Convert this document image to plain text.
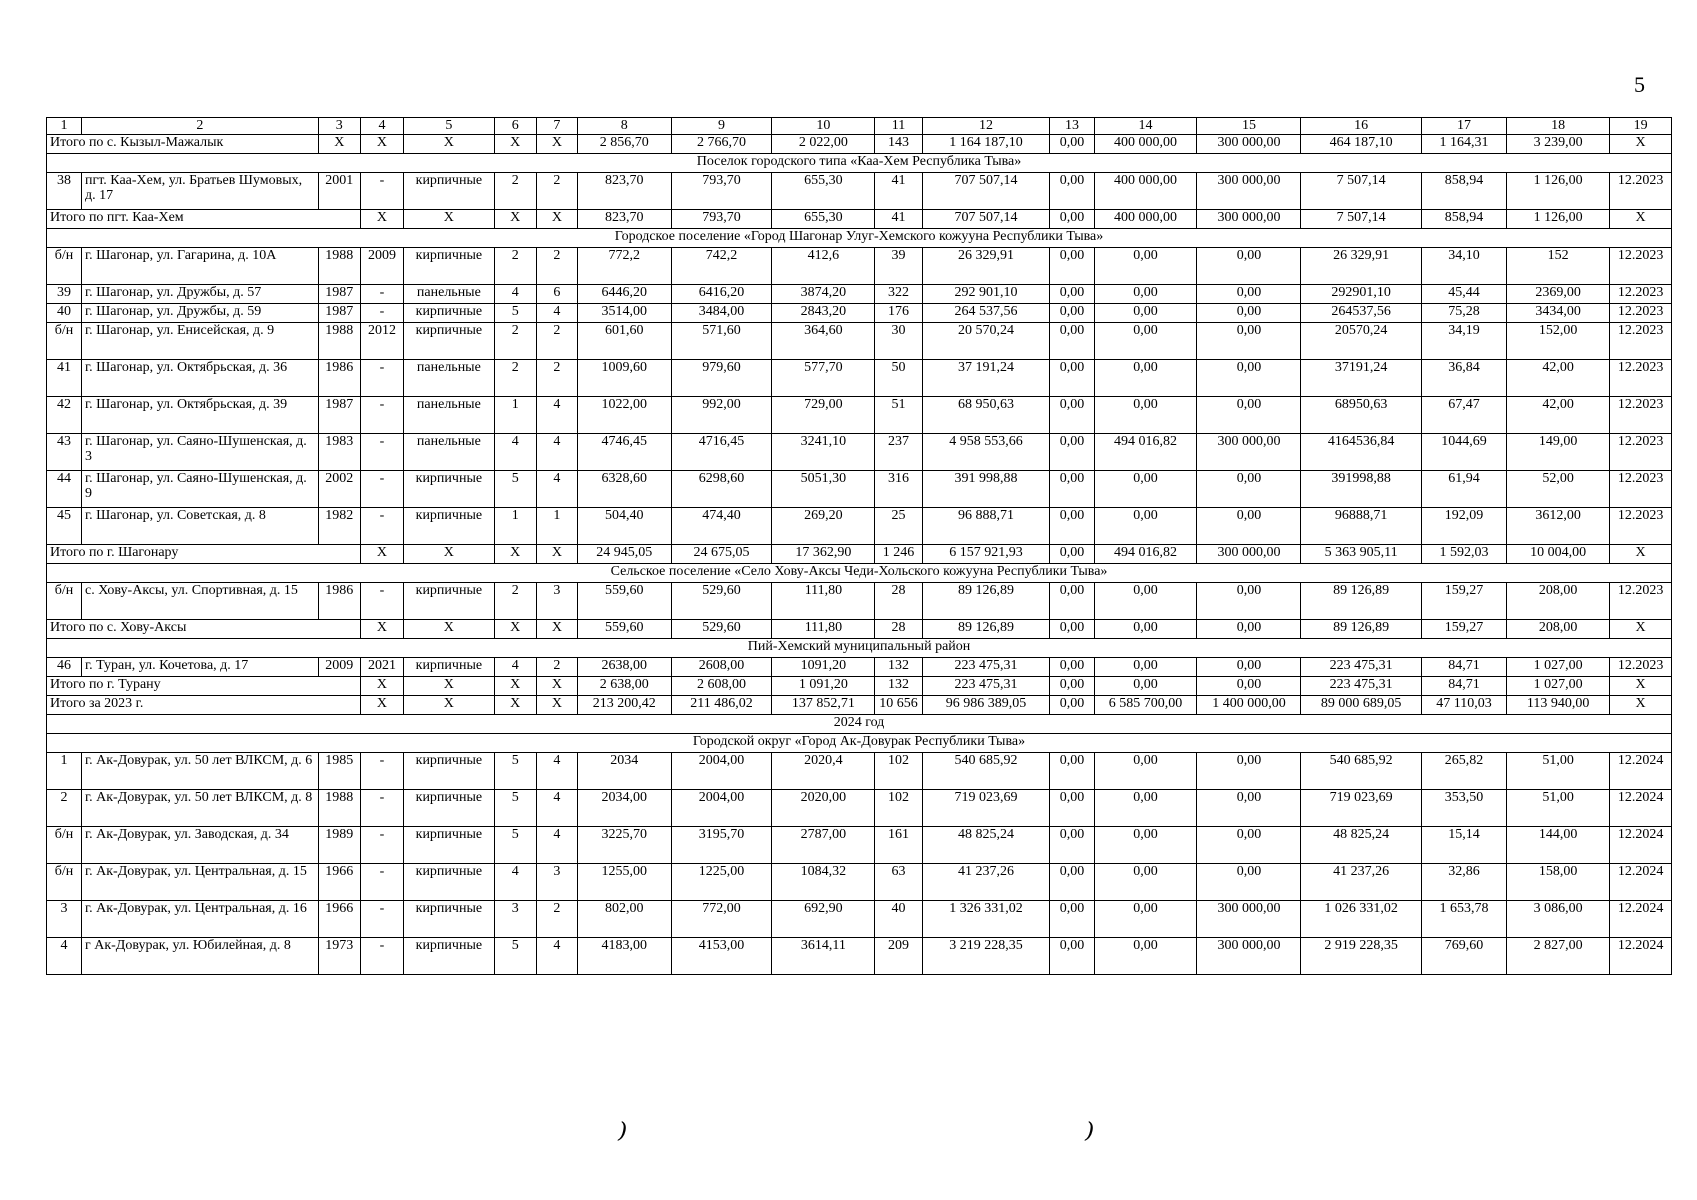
5
1	2	3	4	5	6	7	8	9	10	11	12	13	14	15	16	17	18	19
Итого по с. Кызыл-Мажалык		X	X	X	X	X	2 856,70	2 766,70	2 022,00	143	1 164 187,10	0,00	400 000,00	300 000,00	464 187,10	1 164,31	3 239,00	X
Поселок городского типа «Каа-Хем Республика Тыва»																		
38	пгт. Каа-Хем, ул. Братьев Шумовых, д. 17	2001	-	кирпичные	2	2	823,70	793,70	655,30	41	707 507,14	0,00	400 000,00	300 000,00	7 507,14	858,94	1 126,00	12.2023
Итого по пгт. Каа-Хем			X	X	X	X	823,70	793,70	655,30	41	707 507,14	0,00	400 000,00	300 000,00	7 507,14	858,94	1 126,00	X
Городское поселение «Город Шагонар Улуг-Хемского кожууна Республики Тыва»																		
б/н	г. Шагонар, ул. Гагарина, д. 10А	1988	2009	кирпичные	2	2	772,2	742,2	412,6	39	26 329,91	0,00	0,00	0,00	26 329,91	34,10	152	12.2023
39	г. Шагонар, ул. Дружбы, д. 57	1987	-	панельные	4	6	6446,20	6416,20	3874,20	322	292 901,10	0,00	0,00	0,00	292901,10	45,44	2369,00	12.2023
40	г. Шагонар, ул. Дружбы, д. 59	1987	-	кирпичные	5	4	3514,00	3484,00	2843,20	176	264 537,56	0,00	0,00	0,00	264537,56	75,28	3434,00	12.2023
б/н	г. Шагонар, ул. Енисейская, д. 9	1988	2012	кирпичные	2	2	601,60	571,60	364,60	30	20 570,24	0,00	0,00	0,00	20570,24	34,19	152,00	12.2023
41	г. Шагонар, ул. Октябрьская, д. 36	1986	-	панельные	2	2	1009,60	979,60	577,70	50	37 191,24	0,00	0,00	0,00	37191,24	36,84	42,00	12.2023
42	г. Шагонар, ул. Октябрьская, д. 39	1987	-	панельные	1	4	1022,00	992,00	729,00	51	68 950,63	0,00	0,00	0,00	68950,63	67,47	42,00	12.2023
43	г. Шагонар, ул. Саяно-Шушенская, д. 3	1983	-	панельные	4	4	4746,45	4716,45	3241,10	237	4 958 553,66	0,00	494 016,82	300 000,00	4164536,84	1044,69	149,00	12.2023
44	г. Шагонар, ул. Саяно-Шушенская, д. 9	2002	-	кирпичные	5	4	6328,60	6298,60	5051,30	316	391 998,88	0,00	0,00	0,00	391998,88	61,94	52,00	12.2023
45	г. Шагонар, ул. Советская, д. 8	1982	-	кирпичные	1	1	504,40	474,40	269,20	25	96 888,71	0,00	0,00	0,00	96888,71	192,09	3612,00	12.2023
Итого по г. Шагонару			X	X	X	X	24 945,05	24 675,05	17 362,90	1 246	6 157 921,93	0,00	494 016,82	300 000,00	5 363 905,11	1 592,03	10 004,00	X
Сельское поселение «Село Хову-Аксы Чеди-Хольского кожууна Республики Тыва»																		
б/н	с. Хову-Аксы, ул. Спортивная, д. 15	1986	-	кирпичные	2	3	559,60	529,60	111,80	28	89 126,89	0,00	0,00	0,00	89 126,89	159,27	208,00	12.2023
Итого по с. Хову-Аксы			X	X	X	X	559,60	529,60	111,80	28	89 126,89	0,00	0,00	0,00	89 126,89	159,27	208,00	X
Пий-Хемский муниципальный район																		
46	г. Туран, ул. Кочетова, д. 17	2009	2021	кирпичные	4	2	2638,00	2608,00	1091,20	132	223 475,31	0,00	0,00	0,00	223 475,31	84,71	1 027,00	12.2023
Итого по г. Турану			X	X	X	X	2 638,00	2 608,00	1 091,20	132	223 475,31	0,00	0,00	0,00	223 475,31	84,71	1 027,00	X
Итого за 2023 г.			X	X	X	X	213 200,42	211 486,02	137 852,71	10 656	96 986 389,05	0,00	6 585 700,00	1 400 000,00	89 000 689,05	47 110,03	113 940,00	X
2024 год																		
Городской округ «Город Ак-Довурак Республики Тыва»																		
1	г. Ак-Довурак, ул. 50 лет ВЛКСМ, д. 6	1985	-	кирпичные	5	4	2034	2004,00	2020,4	102	540 685,92	0,00	0,00	0,00	540 685,92	265,82	51,00	12.2024
2	г. Ак-Довурак, ул. 50 лет ВЛКСМ, д. 8	1988	-	кирпичные	5	4	2034,00	2004,00	2020,00	102	719 023,69	0,00	0,00	0,00	719 023,69	353,50	51,00	12.2024
б/н	г. Ак-Довурак, ул. Заводская, д. 34	1989	-	кирпичные	5	4	3225,70	3195,70	2787,00	161	48 825,24	0,00	0,00	0,00	48 825,24	15,14	144,00	12.2024
б/н	г. Ак-Довурак, ул. Центральная, д. 15	1966	-	кирпичные	4	3	1255,00	1225,00	1084,32	63	41 237,26	0,00	0,00	0,00	41 237,26	32,86	158,00	12.2024
3	г. Ак-Довурак, ул. Центральная, д. 16	1966	-	кирпичные	3	2	802,00	772,00	692,90	40	1 326 331,02	0,00	0,00	300 000,00	1 026 331,02	1 653,78	3 086,00	12.2024
4	г Ак-Довурак, ул. Юбилейная, д. 8	1973	-	кирпичные	5	4	4183,00	4153,00	3614,11	209	3 219 228,35	0,00	0,00	300 000,00	2 919 228,35	769,60	2 827,00	12.2024
⁾	⁾
